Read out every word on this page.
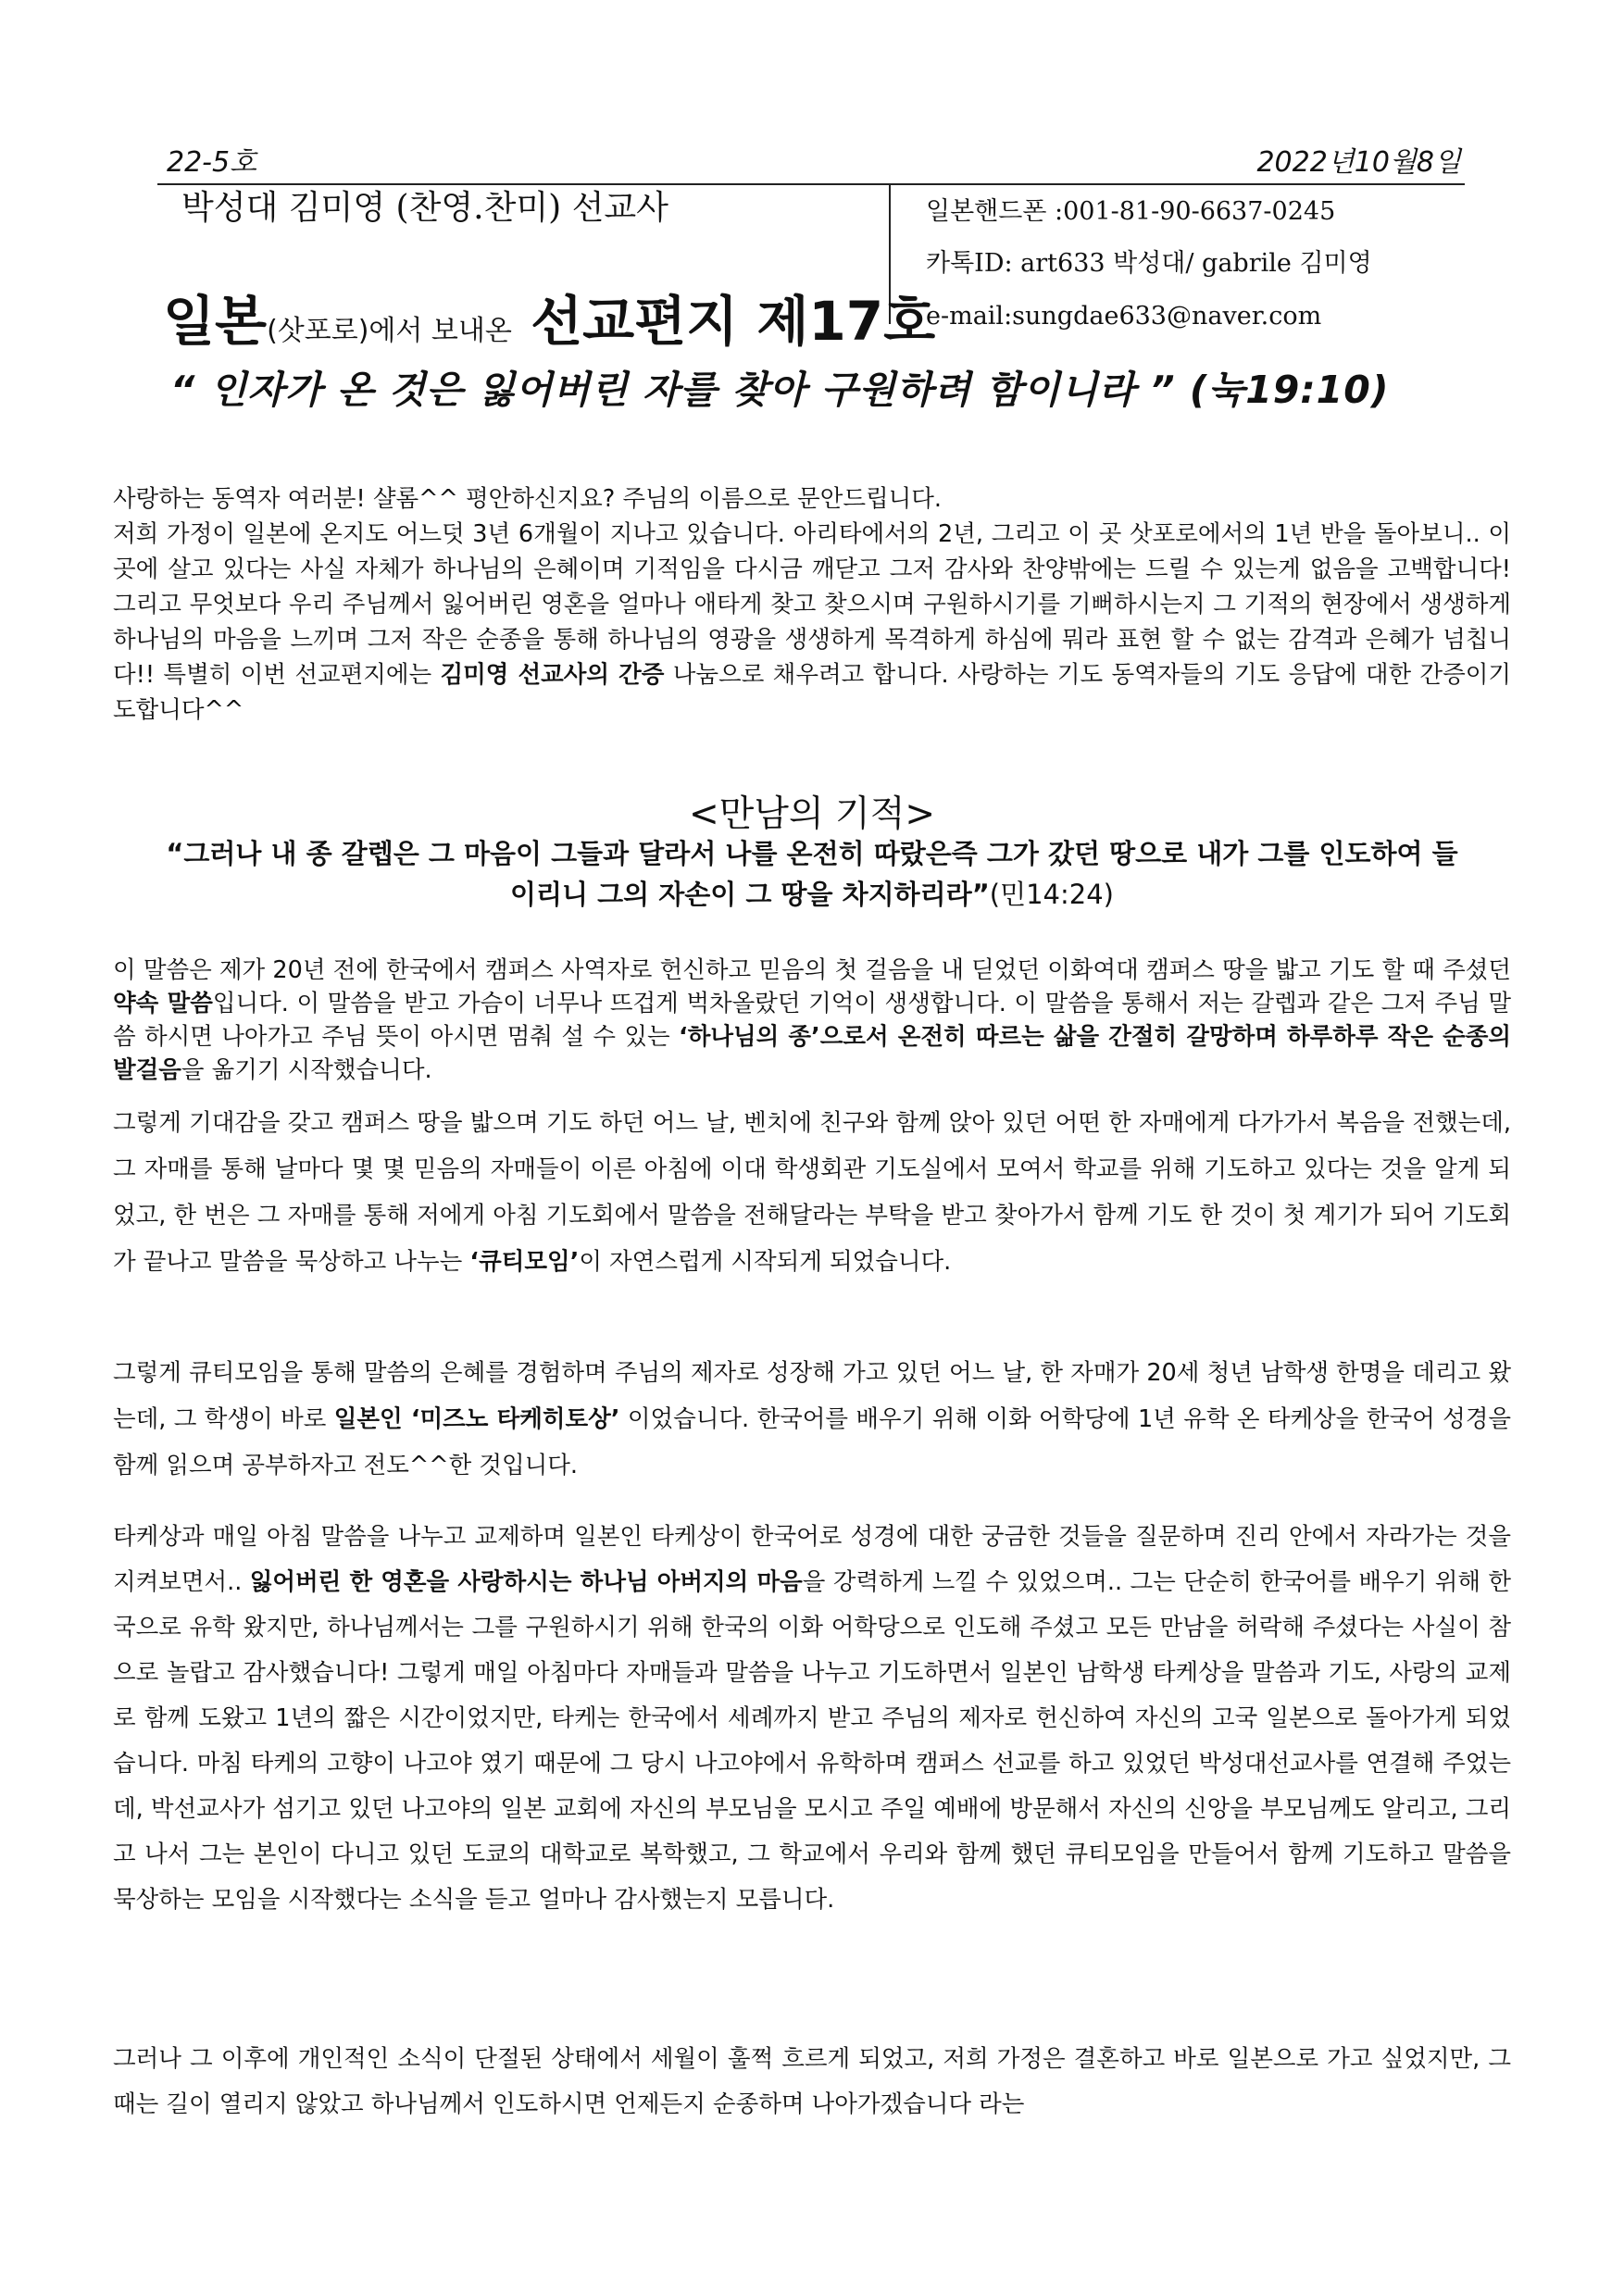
22-5호	2022년10월8일
박성대 김미영 (찬영.찬미) 선교사
일본(삿포로)에서 보내온 선교편지 제17호
일본핸드폰 :001-81-90-6637-0245
카톡ID: art633 박성대/ gabrile 김미영
e-mail:sungdae633@naver.com
“ 인자가 온 것은 잃어버린 자를 찾아 구원하려 함이니라 ” (눅19:10)

사랑하는 동역자 여러분! 샬롬^^ 평안하신지요? 주님의 이름으로 문안드립니다.

저희 가정이 일본에 온지도 어느덧 3년 6개월이 지나고 있습니다. 아리타에서의 2년, 그리고 이 곳 삿포로에서의 1년 반을 돌아보니.. 이 곳에 살고 있다는 사실 자체가 하나님의 은혜이며 기적임을 다시금 깨닫고 그저 감사와 찬양밖에는 드릴 수 있는게 없음을 고백합니다! 그리고 무엇보다 우리 주님께서 잃어버린 영혼을 얼마나 애타게 찾고 찾으시며 구원하시기를 기뻐하시는지 그 기적의 현장에서 생생하게 하나님의 마음을 느끼며 그저 작은 순종을 통해 하나님의 영광을 생생하게 목격하게 하심에 뭐라 표현 할 수 없는 감격과 은혜가 넘칩니다!! 특별히 이번 선교편지에는 김미영 선교사의 간증 나눔으로 채우려고 합니다. 사랑하는 기도 동역자들의 기도 응답에 대한 간증이기도합니다^^

<만남의 기적>
“그러나 내 종 갈렙은 그 마음이 그들과 달라서 나를 온전히 따랐은즉 그가 갔던 땅으로 내가 그를 인도하여 들이리니 그의 자손이 그 땅을 차지하리라”(민14:24)
이 말씀은 제가 20년 전에 한국에서 캠퍼스 사역자로 헌신하고 믿음의 첫 걸음을 내 딛었던 이화여대 캠퍼스 땅을 밟고 기도 할 때 주셨던 약속 말씀입니다. 이 말씀을 받고 가슴이 너무나 뜨겁게 벅차올랐던 기억이 생생합니다. 이 말씀을 통해서 저는 갈렙과 같은 그저 주님 말씀 하시면 나아가고 주님 뜻이 아시면 멈춰 설 수 있는 ‘하나님의 종’으로서 온전히 따르는 삶을 간절히 갈망하며 하루하루 작은 순종의 발걸음을 옮기기 시작했습니다.
그렇게 기대감을 갖고 캠퍼스 땅을 밟으며 기도 하던 어느 날, 벤치에 친구와 함께 앉아 있던 어떤 한 자매에게 다가가서 복음을 전했는데, 그 자매를 통해 날마다 몇 몇 믿음의 자매들이 이른 아침에 이대 학생회관 기도실에서 모여서 학교를 위해 기도하고 있다는 것을 알게 되었고, 한 번은 그 자매를 통해 저에게 아침 기도회에서 말씀을 전해달라는 부탁을 받고 찾아가서 함께 기도 한 것이 첫 계기가 되어 기도회가 끝나고 말씀을 묵상하고 나누는 ‘큐티모임’이 자연스럽게 시작되게 되었습니다.
그렇게 큐티모임을 통해 말씀의 은혜를 경험하며 주님의 제자로 성장해 가고 있던 어느 날, 한 자매가 20세 청년 남학생 한명을 데리고 왔는데, 그 학생이 바로 일본인 ‘미즈노 타케히토상’ 이었습니다. 한국어를 배우기 위해 이화 어학당에 1년 유학 온 타케상을 한국어 성경을 함께 읽으며 공부하자고 전도^^한 것입니다.
타케상과 매일 아침 말씀을 나누고 교제하며 일본인 타케상이 한국어로 성경에 대한 궁금한 것들을 질문하며 진리 안에서 자라가는 것을 지켜보면서.. 잃어버린 한 영혼을 사랑하시는 하나님 아버지의 마음을 강력하게 느낄 수 있었으며.. 그는 단순히 한국어를 배우기 위해 한국으로 유학 왔지만, 하나님께서는 그를 구원하시기 위해 한국의 이화 어학당으로 인도해 주셨고 모든 만남을 허락해 주셨다는 사실이 참으로 놀랍고 감사했습니다! 그렇게 매일 아침마다 자매들과 말씀을 나누고 기도하면서 일본인 남학생 타케상을 말씀과 기도, 사랑의 교제로 함께 도왔고 1년의 짧은 시간이었지만, 타케는 한국에서 세례까지 받고 주님의 제자로 헌신하여 자신의 고국 일본으로 돌아가게 되었습니다. 마침 타케의 고향이 나고야 였기 때문에 그 당시 나고야에서 유학하며 캠퍼스 선교를 하고 있었던 박성대선교사를 연결해 주었는데, 박선교사가 섬기고 있던 나고야의 일본 교회에 자신의 부모님을 모시고 주일 예배에 방문해서 자신의 신앙을 부모님께도 알리고, 그리고 나서 그는 본인이 다니고 있던 도쿄의 대학교로 복학했고, 그 학교에서 우리와 함께 했던 큐티모임을 만들어서 함께 기도하고 말씀을 묵상하는 모임을 시작했다는 소식을 듣고 얼마나 감사했는지 모릅니다.
그러나 그 이후에 개인적인 소식이 단절된 상태에서 세월이 훌쩍 흐르게 되었고, 저희 가정은 결혼하고 바로 일본으로 가고 싶었지만, 그 때는 길이 열리지 않았고 하나님께서 인도하시면 언제든지 순종하며 나아가겠습니다 라는
